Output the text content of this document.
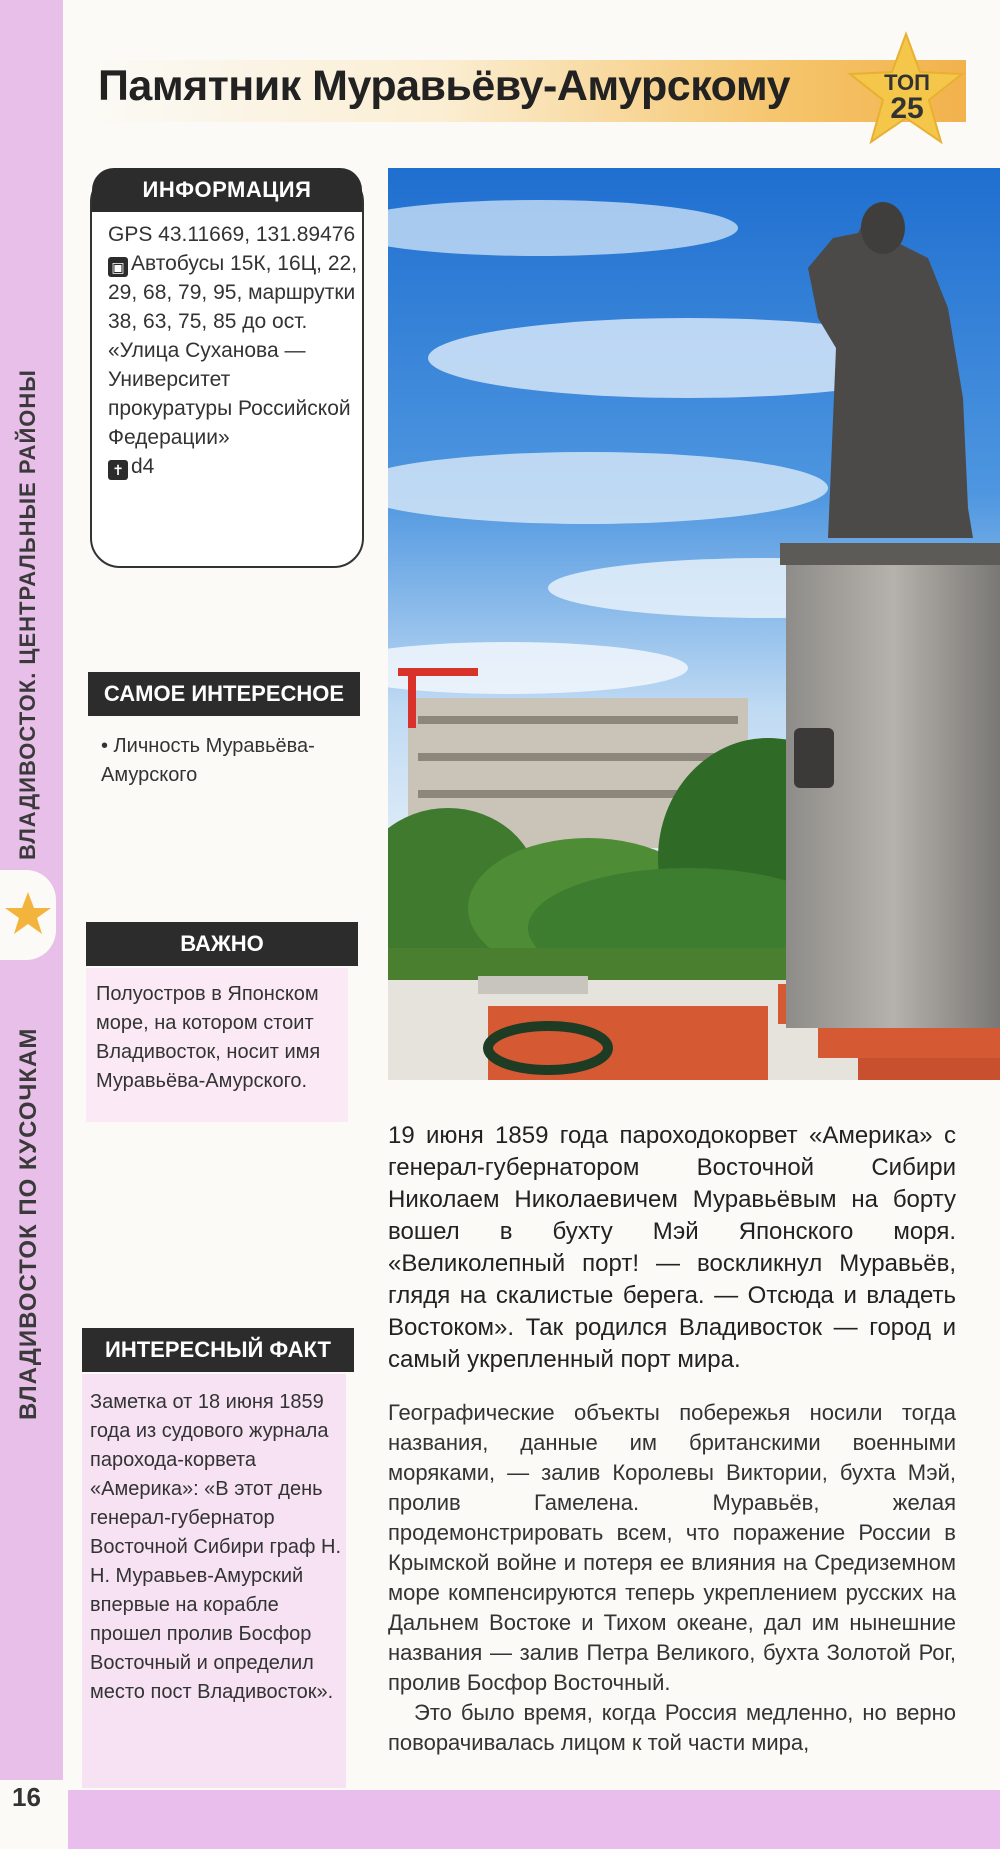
ВЛАДИВОСТОК. ЦЕНТРАЛЬНЫЕ РАЙОНЫ
ВЛАДИВОСТОК ПО КУСОЧКАМ
16
Памятник Муравьёву-Амурскому	ТОП
25
ИНФОРМАЦИЯ
GPS 43.11669, 131.89476
▣ Автобусы 15К, 16Ц, 22, 29, 68, 79, 95, маршрутки 38, 63, 75, 85 до ост. «Улица Суханова — Университет прокуратуры Российской Федерации»
✝ d4
САМОЕ ИНТЕРЕСНОЕ
• Личность Муравьёва-Амурского
ВАЖНО
Полуостров в Японском море, на котором стоит Владивосток, носит имя Муравьёва-Амурского.
ИНТЕРЕСНЫЙ ФАКТ
Заметка от 18 июня 1859 года из судового журнала парохода-корвета «Америка»: «В этот день генерал-губернатор Восточной Сибири граф Н. Н. Муравьев-Амурский впервые на корабле прошел пролив Босфор Восточный и определил место пост Владивосток».
19 июня 1859 года пароходокорвет «Америка» с генерал-губернатором Восточной Сибири Николаем Николаевичем Муравьёвым на борту вошел в бухту Мэй Японского моря. «Великолепный порт! — воскликнул Муравьёв, глядя на скалистые берега. — Отсюда и владеть Востоком». Так родился Владивосток — город и самый укрепленный порт мира.

Географические объекты побережья носили тогда названия, данные им британскими военными моряками, — залив Королевы Виктории, бухта Мэй, пролив Гамелена. Муравьёв, желая продемонстрировать всем, что поражение России в Крымской войне и потеря ее влияния на Средиземном море компенсируются теперь укреплением русских на Дальнем Востоке и Тихом океане, дал им нынешние названия — залив Петра Великого, бухта Золотой Рог, пролив Босфор Восточный.

Это было время, когда Россия медленно, но верно поворачивалась лицом к той части мира,
